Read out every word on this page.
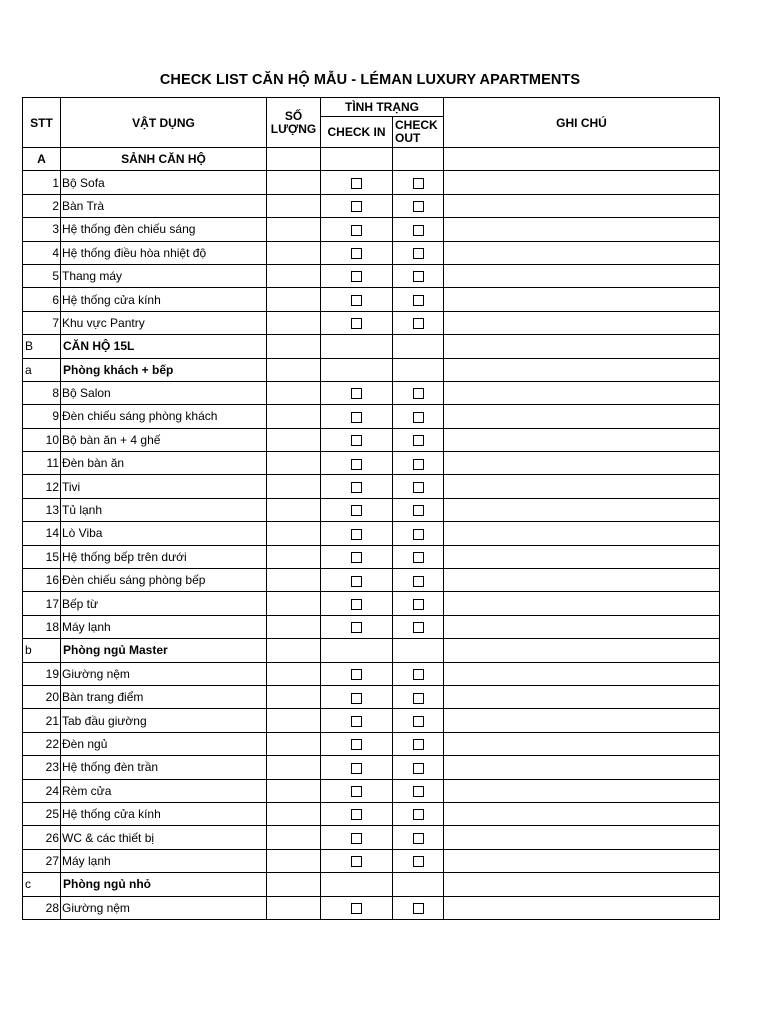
CHECK LIST CĂN HỘ MẪU - LÉMAN LUXURY APARTMENTS
STT	VẬT DỤNG	SỐ LƯỢNG	TÌNH TRẠNG		GHI CHÚ
			CHECK IN	CHECK OUT	
A	SẢNH CĂN HỘ				
1	Bộ Sofa				
2	Bàn Trà				
3	Hệ thống đèn chiếu sáng				
4	Hệ thống điều hòa nhiệt độ				
5	Thang máy				
6	Hệ thống cửa kính				
7	Khu vực Pantry				
B	CĂN HỘ 15L				
a	Phòng khách + bếp				
8	Bộ Salon				
9	Đèn chiếu sáng phòng khách				
10	Bộ bàn ăn + 4 ghế				
11	Đèn bàn ăn				
12	Tivi				
13	Tủ lạnh				
14	Lò Viba				
15	Hệ thống bếp trên dưới				
16	Đèn chiếu sáng phòng bếp				
17	Bếp từ				
18	Máy lạnh				
b	Phòng ngủ Master				
19	Giường nệm				
20	Bàn trang điểm				
21	Tab đầu giường				
22	Đèn ngủ				
23	Hệ thống đèn trần				
24	Rèm cửa				
25	Hệ thống cửa kính				
26	WC & các thiết bị				
27	Máy lạnh				
c	Phòng ngủ nhỏ				
28	Giường nệm				
